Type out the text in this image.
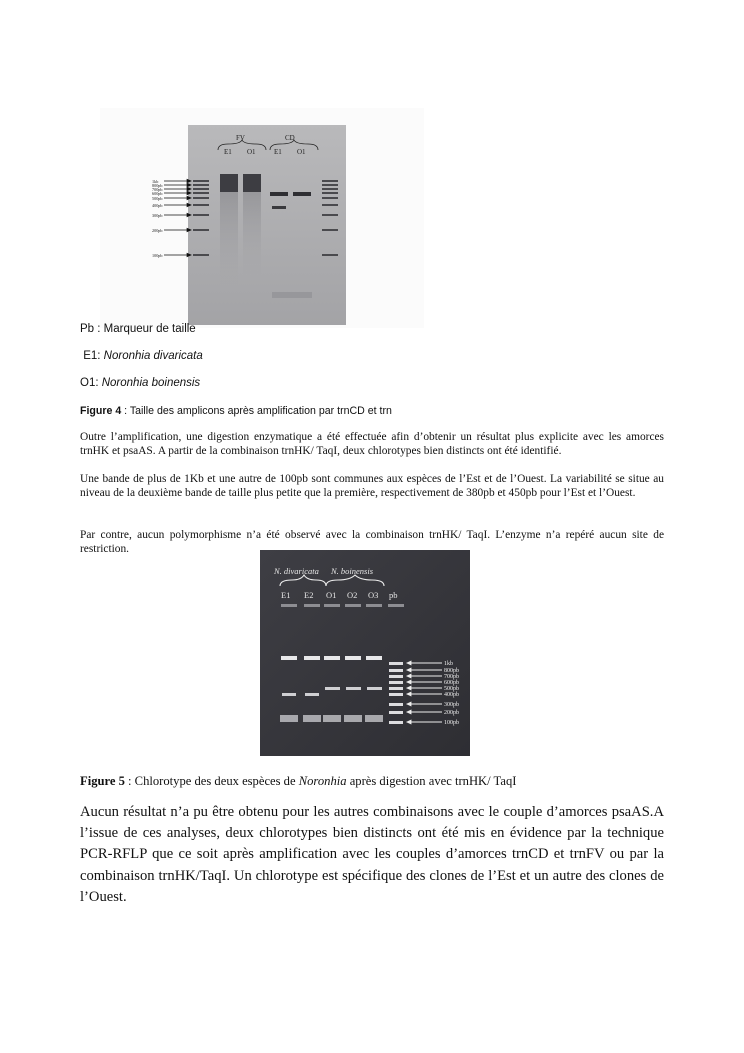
FV	CD
E1 O1	E1 O1
1kb
800pb
700pb
600pb
500pb
400pb
300pb
200pb
100pb
Pb : Marqueur de taille
E1: Noronhia divaricata
O1: Noronhia boinensis
Figure 4 : Taille des amplicons après amplification par trnCD et trn
Outre l’amplification, une digestion enzymatique a été effectuée afin d’obtenir un résultat plus explicite avec les amorces trnHK et psaAS. A partir de la combinaison trnHK/ TaqI, deux chlorotypes bien distincts ont été identifié.
Une bande de plus de 1Kb et une autre de 100pb sont communes aux espèces de l’Est et de l’Ouest. La variabilité se situe au niveau de la deuxième bande de taille plus petite que la première, respectivement de 380pb et 450pb pour l’Est et l’Ouest.
Par contre, aucun polymorphisme n’a été observé avec la combinaison trnHK/ TaqI. L’enzyme n’a repéré aucun site de restriction.
N. divaricata N. boinensis
E1 E2 O1 O2 O3 pb
1kb
800pb
700pb
600pb
500pb
400pb
300pb
200pb
100pb
Figure 5 : Chlorotype des deux espèces de Noronhia après digestion avec trnHK/ TaqI
Aucun résultat n’a pu être obtenu pour les autres combinaisons avec le couple d’amorces psaAS.A l’issue de ces analyses, deux chlorotypes bien distincts ont été mis en évidence par la technique PCR-RFLP que ce soit après amplification avec les couples d’amorces trnCD et trnFV ou par la combinaison trnHK/TaqI. Un chlorotype est spécifique des clones de l’Est et un autre des clones de l’Ouest.
